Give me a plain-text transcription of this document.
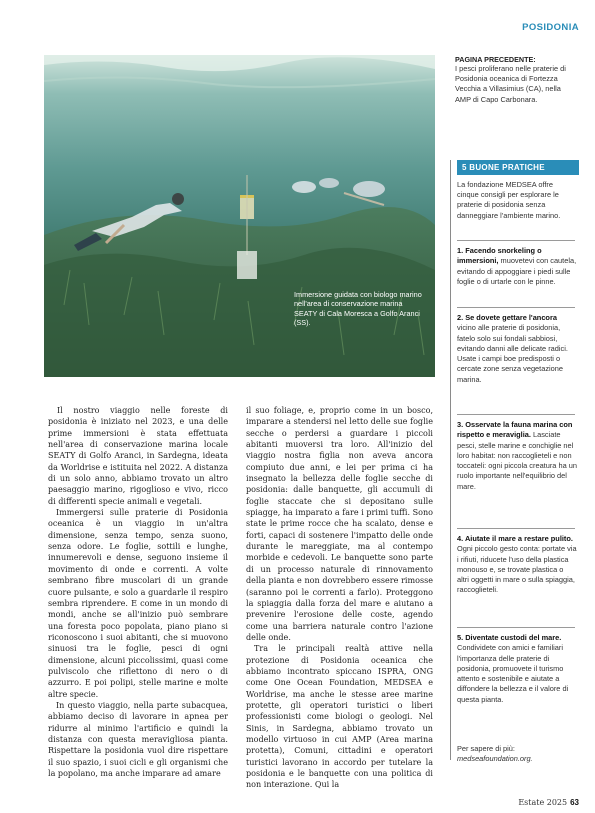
POSIDONIA
Immersione guidata con biologo marino nell'area di conservazione marina SEATY di Cala Moresca a Golfo Aranci (SS).
PAGINA PRECEDENTE:
I pesci proliferano nelle praterie di Posidonia oceanica di Fortezza Vecchia a Villasimius (CA), nella AMP di Capo Carbonara.
5 BUONE PRATICHE
La fondazione MEDSEA offre cinque consigli per esplorare le praterie di posidonia senza danneggiare l'ambiente marino.
1. Facendo snorkeling o immersioni, muovetevi con cautela, evitando di appoggiare i piedi sulle foglie o di urtarle con le pinne.
2. Se dovete gettare l'ancora vicino alle praterie di posidonia, fatelo solo sui fondali sabbiosi, evitando danni alle delicate radici. Usate i campi boe predisposti o cercate zone senza vegetazione marina.
3. Osservate la fauna marina con rispetto e meraviglia. Lasciate pesci, stelle marine e conchiglie nel loro habitat: non raccoglieteli e non toccateli: ogni piccola creatura ha un ruolo importante nell'equilibrio del mare.
4. Aiutate il mare a restare pulito. Ogni piccolo gesto conta: portate via i rifiuti, riducete l'uso della plastica monouso e, se trovate plastica o altri oggetti in mare o sulla spiaggia, raccoglieteli.
5. Diventate custodi del mare. Condividete con amici e familiari l'importanza delle praterie di posidonia, promuovete il turismo attento e sostenibile e aiutate a diffondere la bellezza e il valore di questa pianta.
Per sapere di più:
medseafoundation.org.

Il nostro viaggio nelle foreste di posidonia è iniziato nel 2023, e una delle prime immersioni è stata effettuata nell'area di conservazione marina locale SEATY di Golfo Aranci, in Sardegna, ideata da Worldrise e istituita nel 2022. A distanza di un solo anno, abbiamo trovato un altro paesaggio marino, rigoglioso e vivo, ricco di differenti specie animali e vegetali.

Immergersi sulle praterie di Posidonia oceanica è un viaggio in un'altra dimensione, senza tempo, senza suono, senza odore. Le foglie, sottili e lunghe, innumerevoli e dense, seguono insieme il movimento di onde e correnti. A volte sembrano fibre muscolari di un grande cuore pulsante, e solo a guardarle il respiro sembra riprendere. E come in un mondo di mondi, anche se all'inizio può sembrare una foresta poco popolata, piano piano si riconoscono i suoi abitanti, che si muovono sinuosi tra le foglie, pesci di ogni dimensione, alcuni piccolissimi, quasi come pulviscolo che riflettono di nero o di azzurro. E poi polipi, stelle marine e molte altre specie.

In questo viaggio, nella parte subacquea, abbiamo deciso di lavorare in apnea per ridurre al minimo l'artificio e quindi la distanza con questa meravigliosa pianta. Rispettare la posidonia vuol dire rispettare il suo spazio, i suoi cicli e gli organismi che la popolano, ma anche imparare ad amare

il suo foliage, e, proprio come in un bosco, imparare a stendersi nel letto delle sue foglie secche o perdersi a guardare i piccoli abitanti muoversi tra loro. All'inizio del viaggio nostra figlia non aveva ancora compiuto due anni, e lei per prima ci ha insegnato la bellezza delle foglie secche di posidonia: dalle banquette, gli accumuli di foglie staccate che si depositano sulle spiagge, ha imparato a fare i primi tuffi. Sono state le prime rocce che ha scalato, dense e forti, capaci di sostenere l'impatto delle onde durante le mareggiate, ma al contempo morbide e cedevoli. Le banquette sono parte di un processo naturale di rinnovamento della pianta e non dovrebbero essere rimosse (saranno poi le correnti a farlo). Proteggono la spiaggia dalla forza del mare e aiutano a prevenire l'erosione delle coste, agendo come una barriera naturale contro l'azione delle onde.

Tra le principali realtà attive nella protezione di Posidonia oceanica che abbiamo incontrato spiccano ISPRA, ONG come One Ocean Foundation, MEDSEA e Worldrise, ma anche le stesse aree marine protette, gli operatori turistici o liberi professionisti come biologi o geologi. Nel Sinis, in Sardegna, abbiamo trovato un modello virtuoso in cui AMP (Area marina protetta), Comuni, cittadini e operatori turistici lavorano in accordo per tutelare la posidonia e le banquette con una politica di non interazione. Qui la

Estate 2025 63
